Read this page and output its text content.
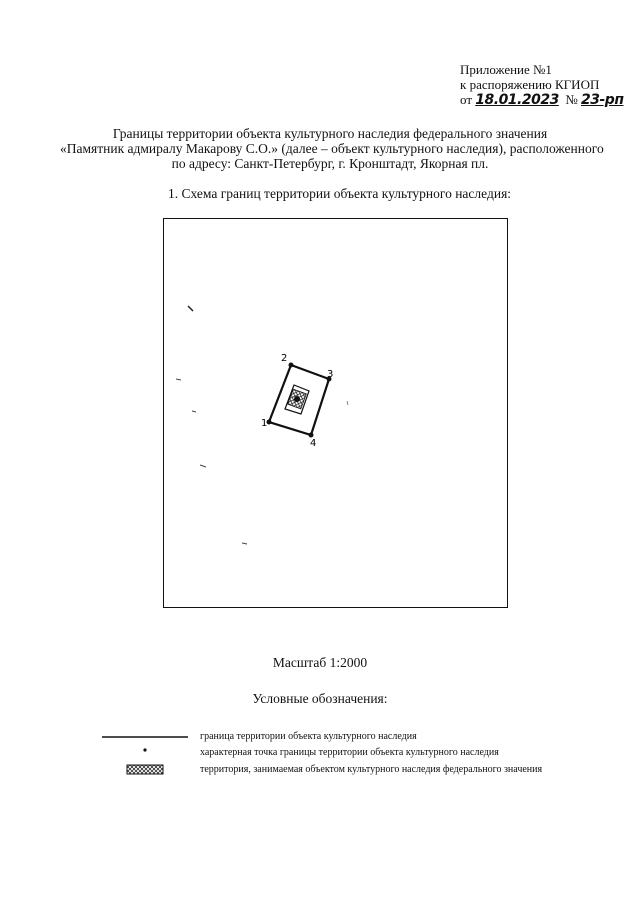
Приложение №1
к распоряжению КГИОП
от 18.01.2023 № 23-рп
Границы территории объекта культурного наследия федерального значения
«Памятник адмиралу Макарову С.О.» (далее – объект культурного наследия), расположенного
по адресу: Санкт-Петербург, г. Кронштадт, Якорная пл.
1. Схема границ территории объекта культурного наследия:
1
2
3
4
Масштаб 1:2000
Условные обозначения:
граница территории объекта культурного наследия
характерная точка границы территории объекта культурного наследия
территория, занимаемая объектом культурного наследия федерального значения
